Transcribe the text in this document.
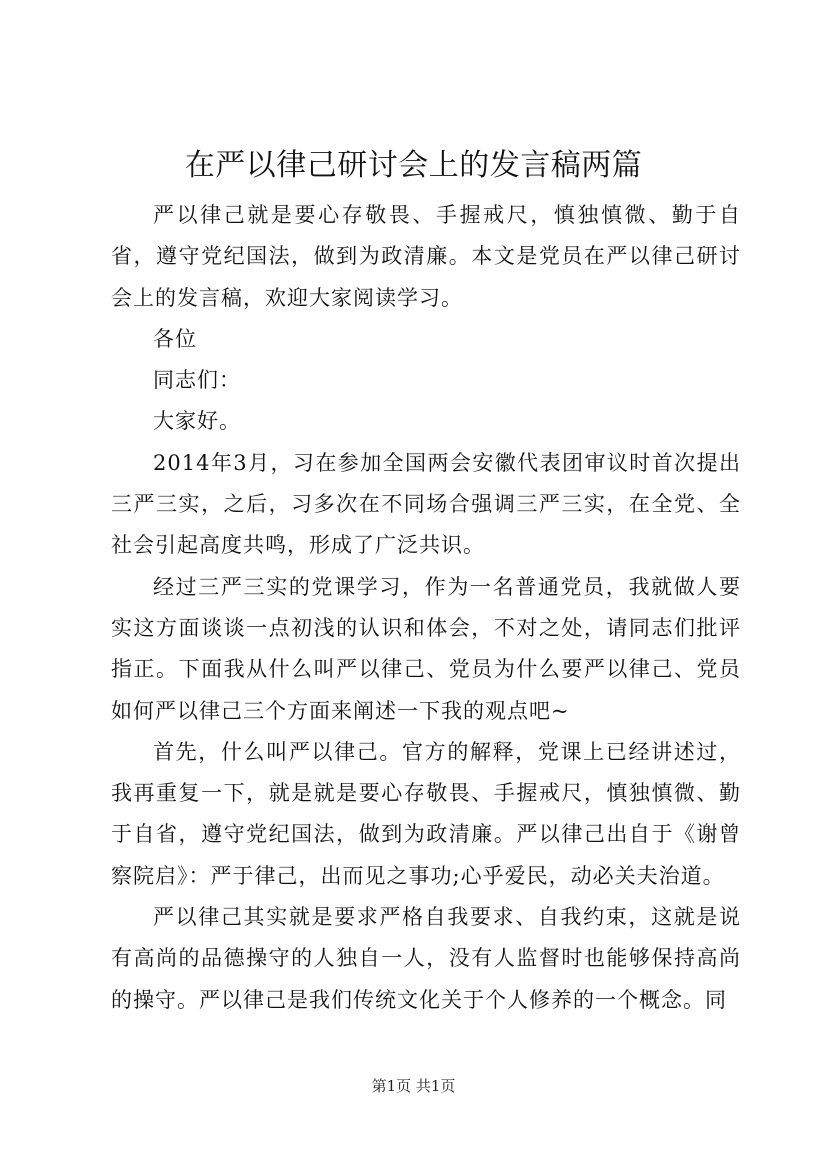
在严以律己研讨会上的发言稿两篇

严以律己就是要心存敬畏、手握戒尺，慎独慎微、勤于自省，遵守党纪国法，做到为政清廉。本文是党员在严以律己研讨会上的发言稿，欢迎大家阅读学习。

各位

同志们：

大家好。

2014年3月，习在参加全国两会安徽代表团审议时首次提出三严三实，之后，习多次在不同场合强调三严三实，在全党、全社会引起高度共鸣，形成了广泛共识。

经过三严三实的党课学习，作为一名普通党员，我就做人要实这方面谈谈一点初浅的认识和体会，不对之处，请同志们批评指正。下面我从什么叫严以律己、党员为什么要严以律己、党员如何严以律己三个方面来阐述一下我的观点吧~

首先，什么叫严以律己。官方的解释，党课上已经讲述过，我再重复一下，就是就是要心存敬畏、手握戒尺，慎独慎微、勤于自省，遵守党纪国法，做到为政清廉。严以律己出自于《谢曾察院启》：严于律己，出而见之事功;心乎爱民，动必关夫治道。

严以律己其实就是要求严格自我要求、自我约束，这就是说有高尚的品德操守的人独自一人，没有人监督时也能够保持高尚的操守。严以律己是我们传统文化关于个人修养的一个概念。同

第1页 共1页
